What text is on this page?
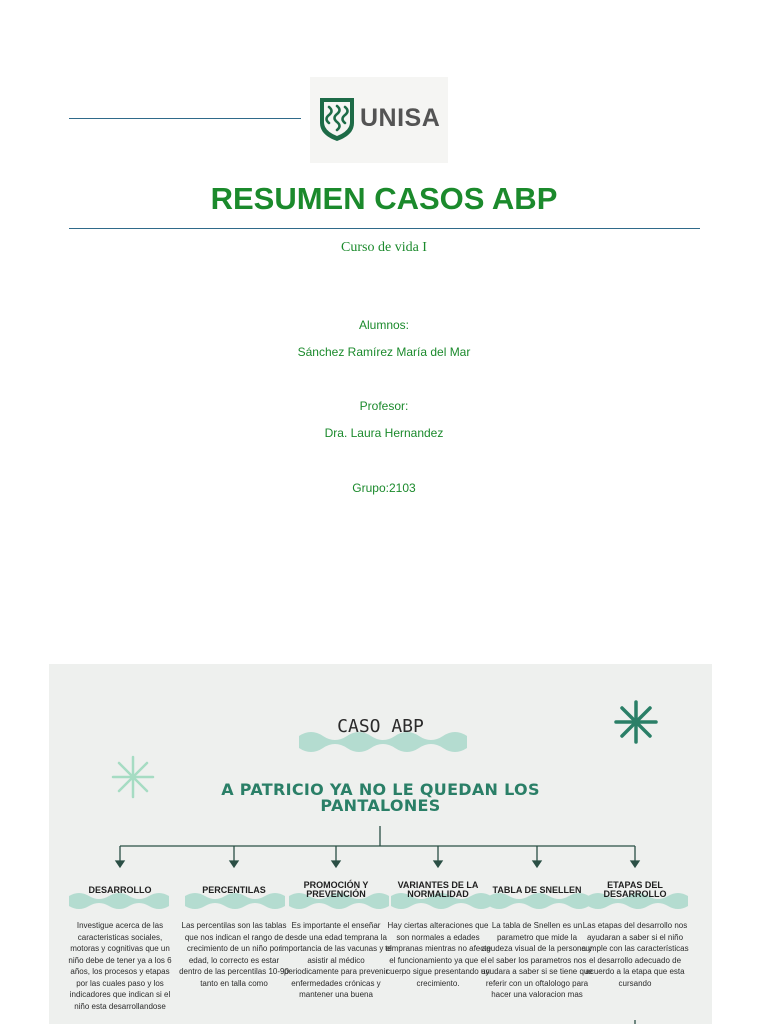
UNISA
RESUMEN CASOS ABP
Curso de vida I
Alumnos:
Sánchez Ramírez María del Mar
Profesor:
Dra. Laura Hernandez
Grupo:2103
CASO ABP
A PATRICIO YA NO LE QUEDAN LOS PANTALONES
DESARROLLO
Investigue acerca de las caracteristicas sociales, motoras y cognitivas que un niño debe de tener ya a los 6 años, los procesos y etapas por las cuales paso y los indicadores que indican si el niño esta desarrollandose
PERCENTILAS
Las percentilas son las tablas que nos indican el rango de crecimiento de un niño por edad, lo correcto es estar dentro de las percentilas 10-90 tanto en talla como
PROMOCIÓN Y PREVENCIÓN
Es importante el enseñar desde una edad temprana la importancia de las vacunas y el asistir al médico periodicamente para prevenir enfermedades crónicas y mantener una buena
VARIANTES DE LA NORMALIDAD
Hay ciertas alteraciones que son normales a edades tempranas mientras no afecte el funcionamiento ya que el cuerpo sigue presentando un crecimiento.
TABLA DE SNELLEN
La tabla de Snellen es un parametro que mide la agudeza visual de la persona y el saber los parametros nos ayudara a saber si se tiene que referir con un oftalologo para hacer una valoracion mas
ETAPAS DEL DESARROLLO
Las etapas del desarrollo nos ayudaran a saber si el niño cumple con las características el desarrollo adecuado de acuerdo a la etapa que esta cursando
